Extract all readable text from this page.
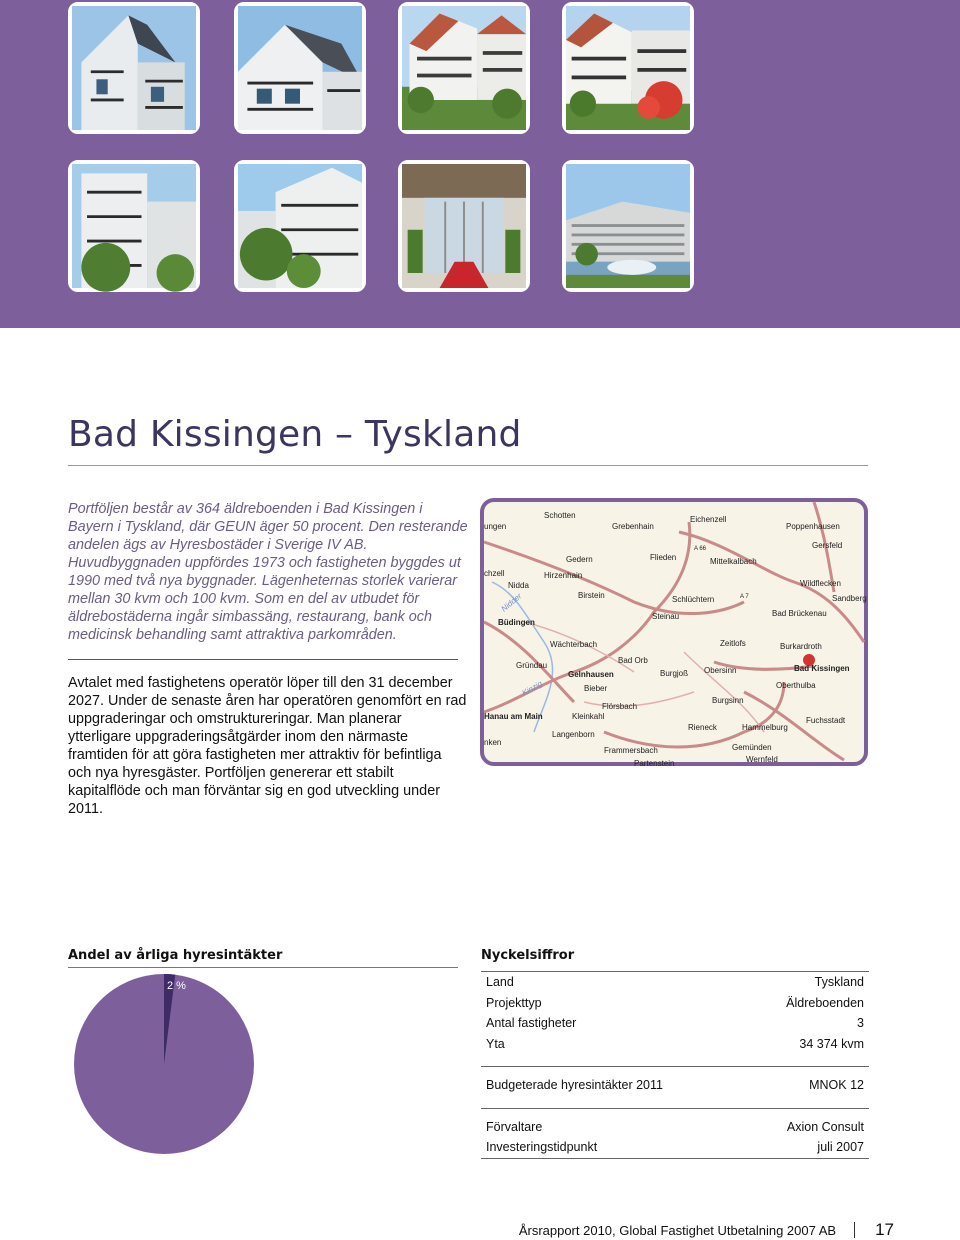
Bad Kissingen – Tyskland

Portföljen består av 364 äldreboenden i Bad Kissingen i Bayern i Tyskland, där GEUN äger 50 procent. Den resterande andelen ägs av Hyresbostäder i Sverige IV AB. Huvudbyggnaden uppfördes 1973 och fastigheten byggdes ut 1990 med två nya byggnader. Lägenheternas storlek varierar mellan 30 kvm och 100 kvm. Som en del av utbudet för äldrebostäderna ingår simbassäng, restaurang, bank och medicinsk behandling samt attraktiva parkområden.

Avtalet med fastighetens operatör löper till den 31 december 2027. Under de senaste åren har operatören genomfört en rad uppgraderingar och omstruktureringar. Man planerar ytterligare uppgraderingsåtgärder inom den närmaste framtiden för att göra fastigheten mer attraktiv för befintliga och nya hyresgäster. Portföljen genererar ett stabilt kapitalflöde och man förväntar sig en god utveckling under 2011.

Schotten	Eichenzell
ungen	Grebenhain	Poppenhausen
Gersfeld
Gedern	Flieden	Mittelkalbach
chzell	Hirzenhain
Nidda	Wildflecken
Birstein	Schlüchtern	Sandberg
Nidder
Steinau	Bad Brückenau
Büdingen
Wächterbach	Zeitlofs	Burkardroth
Bad Orb
Gründau
Gelnhausen	Burgjoß Obersinn	Bad Kissingen
Bieber	Oberthulba
Kinzig
Flörsbach
Burgsinn
Hanau am Main	Kleinkahl	Fuchsstadt
Rieneck	Hammelburg
Langenborn
nken
Gemünden
Frammersbach
Wernfeld
Partenstein
A 66
A 7
Andel av årliga hyresintäkter
2 %
Nyckelsiffror
Land	Tyskland
Projekttyp	Äldreboenden
Antal fastigheter	3
Yta	34 374 kvm
Budgeterade hyresintäkter 2011	MNOK 12
Förvaltare	Axion Consult
Investeringstidpunkt	juli 2007
Årsrapport 2010, Global Fastighet Utbetalning 2007 AB 17
